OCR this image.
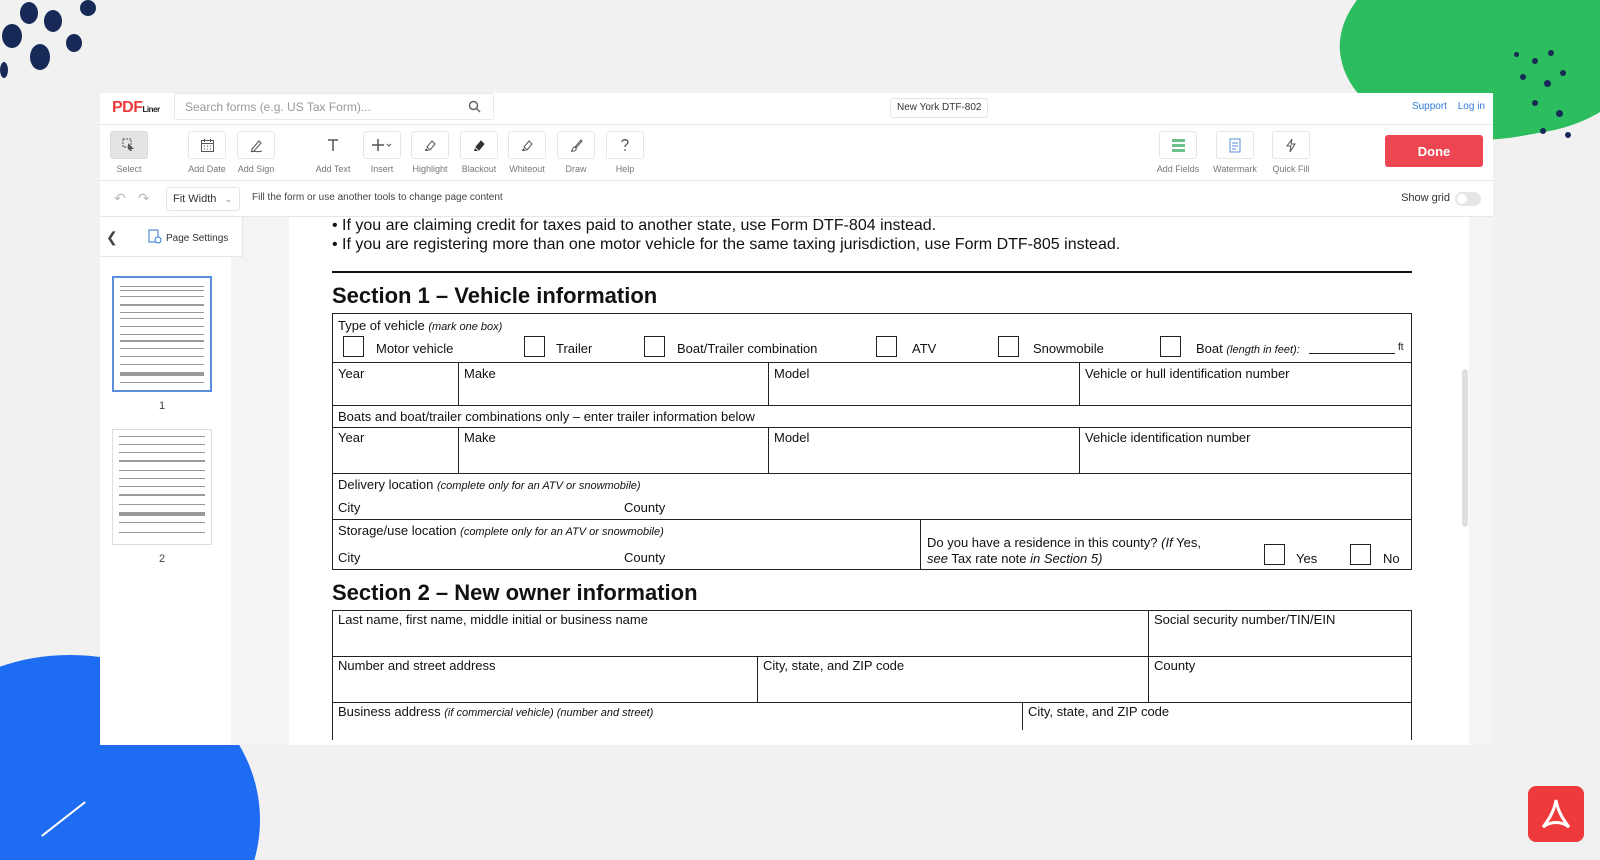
PDFLiner
Search forms (e.g. US Tax Form)...	New York DTF-802	Support Log in
Select	Add Date	Add Sign	Add Text	Insert	Highlight	Blackout	Whiteout	Draw	Help	Add Fields Watermark	Quick Fill
Done
↶ ↷	Fit Width ⌄ Fill the form or use another tools to change page content	Show grid
❮	Page Settings
1
2
• If you are claiming credit for taxes paid to another state, use Form DTF-804 instead.
• If you are registering more than one motor vehicle for the same taxing jurisdiction, use Form DTF-805 instead.
Section 1 – Vehicle information
Type of vehicle (mark one box)
Motor vehicle	Trailer	Boat/Trailer combination	ATV	Snowmobile	Boat (length in feet):	ft
Year	Make	Model	Vehicle or hull identification number
Boats and boat/trailer combinations only – enter trailer information below
Year	Make	Model	Vehicle identification number
Delivery location (complete only for an ATV or snowmobile)
City	County
Storage/use location (complete only for an ATV or snowmobile)
City	County
Do you have a residence in this county? (If Yes,
see Tax rate note in Section 5)	Yes	No
Section 2 – New owner information
Last name, first name, middle initial or business name	Social security number/TIN/EIN
Number and street address	City, state, and ZIP code	County
Business address (if commercial vehicle) (number and street)	City, state, and ZIP code
